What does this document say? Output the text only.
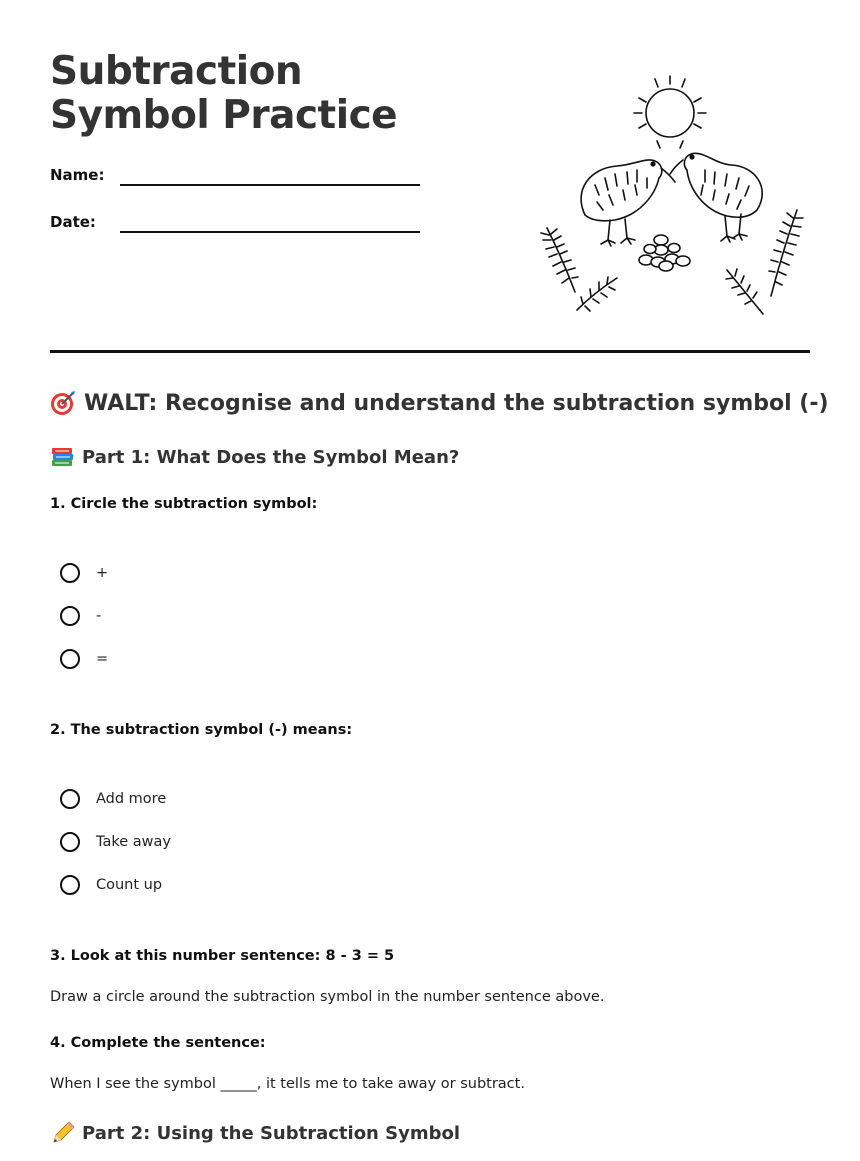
Subtraction Symbol Practice
Name:
Date:
WALT: Recognise and understand the subtraction symbol (-)
Part 1: What Does the Symbol Mean?

1. Circle the subtraction symbol:

+
-
=

2. The subtraction symbol (-) means:

Add more
Take away
Count up

3. Look at this number sentence: 8 - 3 = 5

Draw a circle around the subtraction symbol in the number sentence above.

4. Complete the sentence:

When I see the symbol _____, it tells me to take away or subtract.

Part 2: Using the Subtraction Symbol
